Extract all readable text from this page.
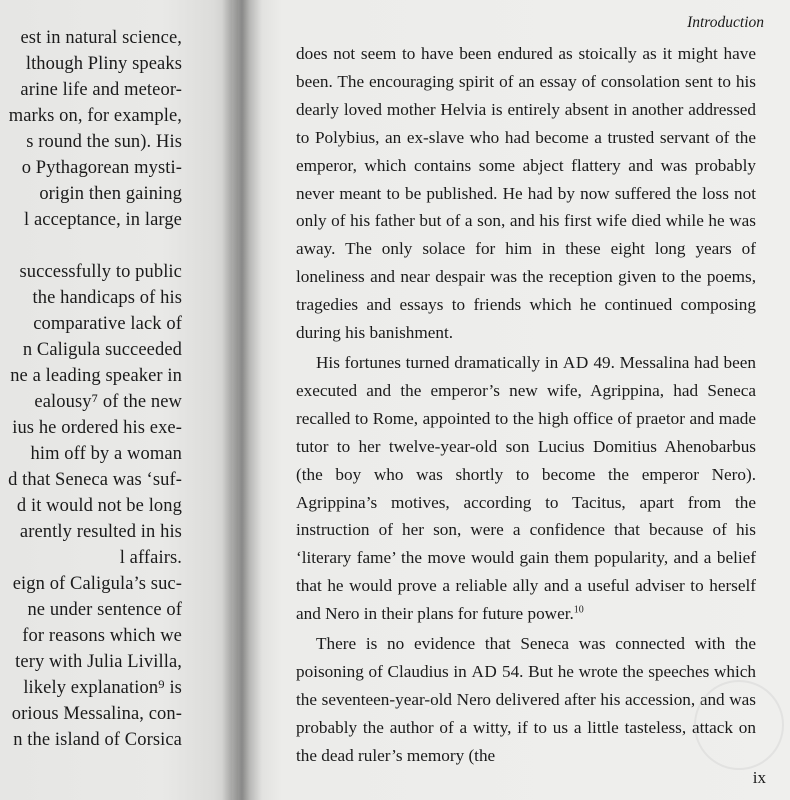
est in natural science,
lthough Pliny speaks
arine life and meteor-
marks on, for example,
s round the sun). His
o Pythagorean mysti-
origin then gaining
l acceptance, in large
successfully to public
the handicaps of his
comparative lack of
n Caligula succeeded
ne a leading speaker in
ealousy⁷ of the new
ius he ordered his exe-
him off by a woman
d that Seneca was ‘suf-
d it would not be long
arently resulted in his
l affairs.
eign of Caligula’s suc-
ne under sentence of
for reasons which we
tery with Julia Livilla,
likely explanation⁹ is
orious Messalina, con-
n the island of Corsica
Introduction

does not seem to have been endured as stoically as it might have been. The encouraging spirit of an essay of consolation sent to his dearly loved mother Helvia is entirely absent in another addressed to Polybius, an ex-slave who had become a trusted servant of the emperor, which contains some abject flattery and was probably never meant to be published. He had by now suffered the loss not only of his father but of a son, and his first wife died while he was away. The only solace for him in these eight long years of loneliness and near despair was the reception given to the poems, tragedies and essays to friends which he continued composing during his banishment.

His fortunes turned dramatically in AD 49. Messalina had been executed and the emperor’s new wife, Agrippina, had Seneca recalled to Rome, appointed to the high office of praetor and made tutor to her twelve-year-old son Lucius Domitius Ahenobarbus (the boy who was shortly to become the emperor Nero). Agrippina’s motives, according to Tacitus, apart from the instruction of her son, were a confidence that because of his ‘literary fame’ the move would gain them popularity, and a belief that he would prove a reliable ally and a useful adviser to herself and Nero in their plans for future power.$^{10}$

There is no evidence that Seneca was connected with the poisoning of Claudius in AD 54. But he wrote the speeches which the seventeen-year-old Nero delivered after his accession, and was probably the author of a witty, if to us a little tasteless, attack on the dead ruler’s memory (the

ix
